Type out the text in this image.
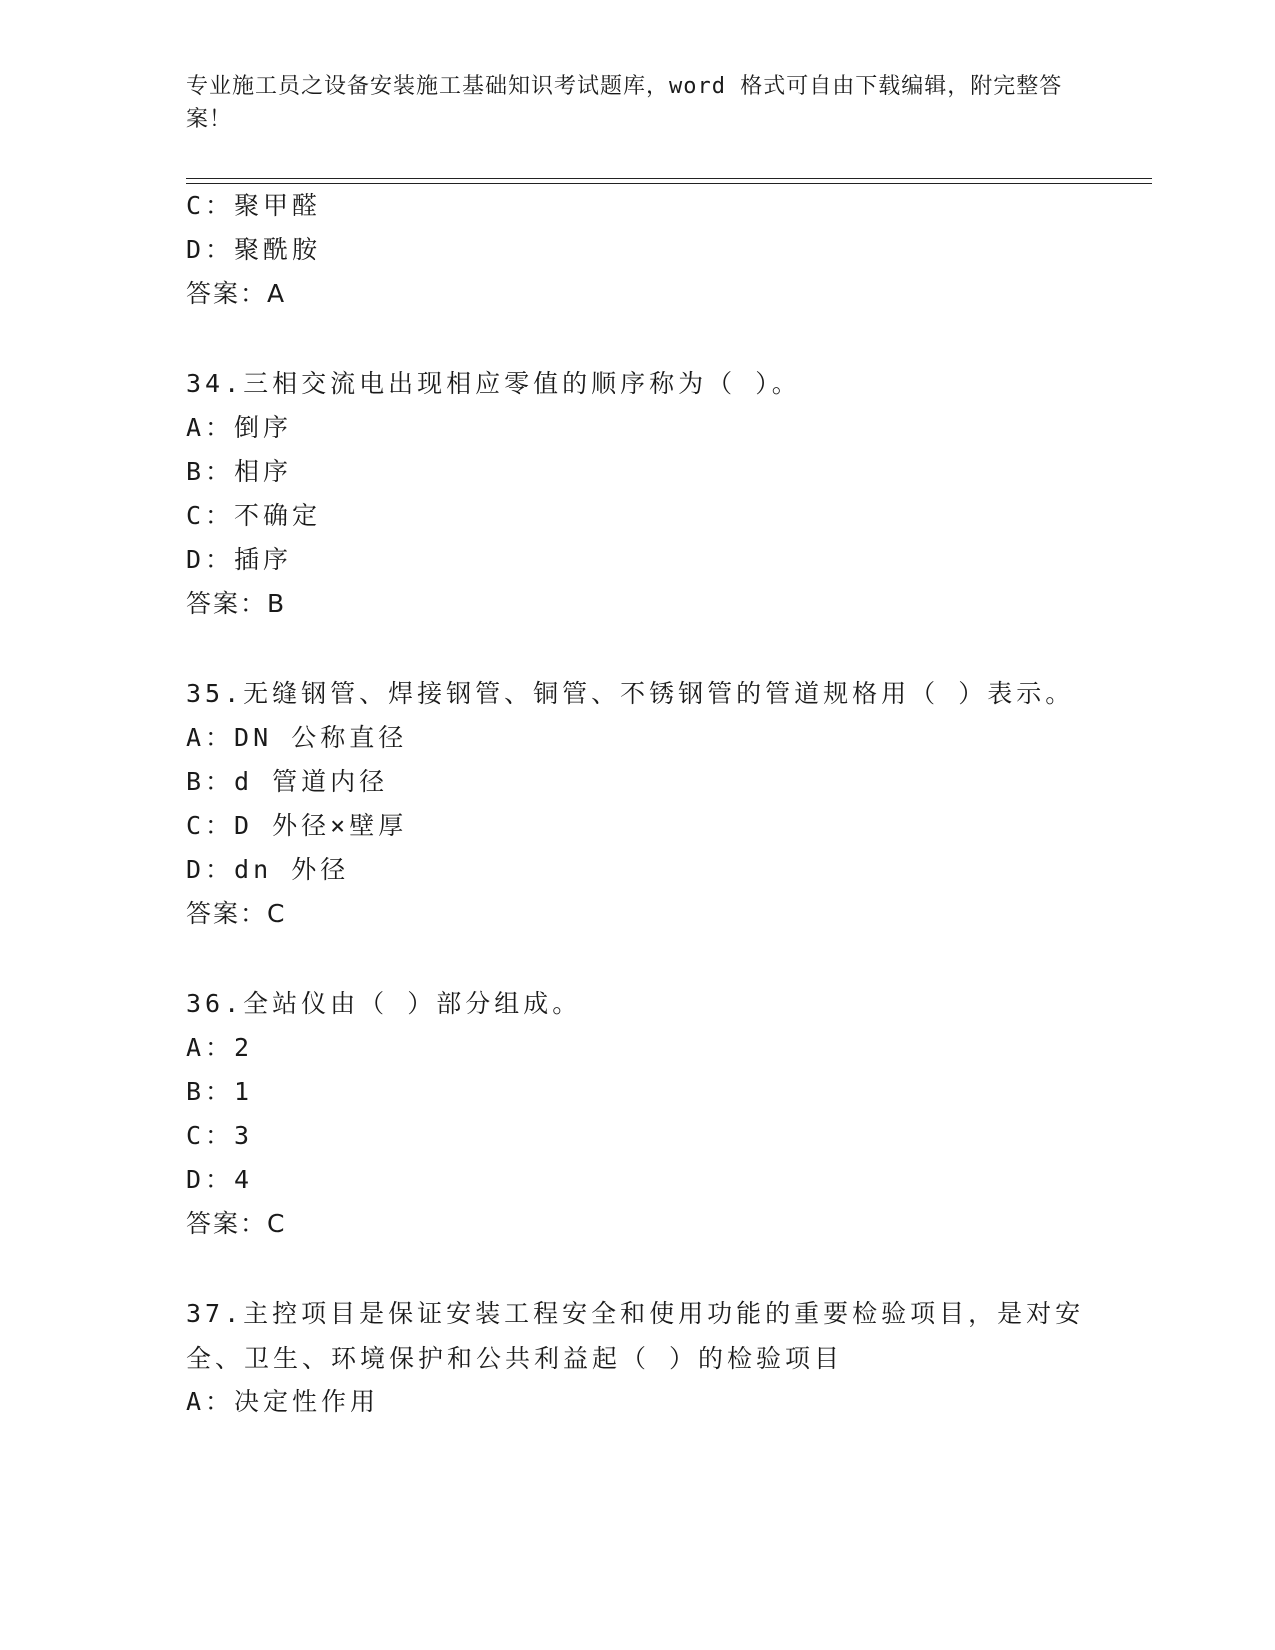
专业施工员之设备安装施工基础知识考试题库，word 格式可自由下载编辑，附完整答案！
C：聚甲醛
D：聚酰胺
答案：A
34.三相交流电出现相应零值的顺序称为（ ）。
A：倒序
B：相序
C：不确定
D：插序
答案：B
35.无缝钢管、焊接钢管、铜管、不锈钢管的管道规格用（ ）表示。
A：DN 公称直径
B：d 管道内径
C：D 外径×壁厚
D：dn 外径
答案：C
36.全站仪由（ ）部分组成。
A：2
B：1
C：3
D：4
答案：C
37.主控项目是保证安装工程安全和使用功能的重要检验项目，是对安全、卫生、环境保护和公共利益起（ ）的检验项目
A：决定性作用
